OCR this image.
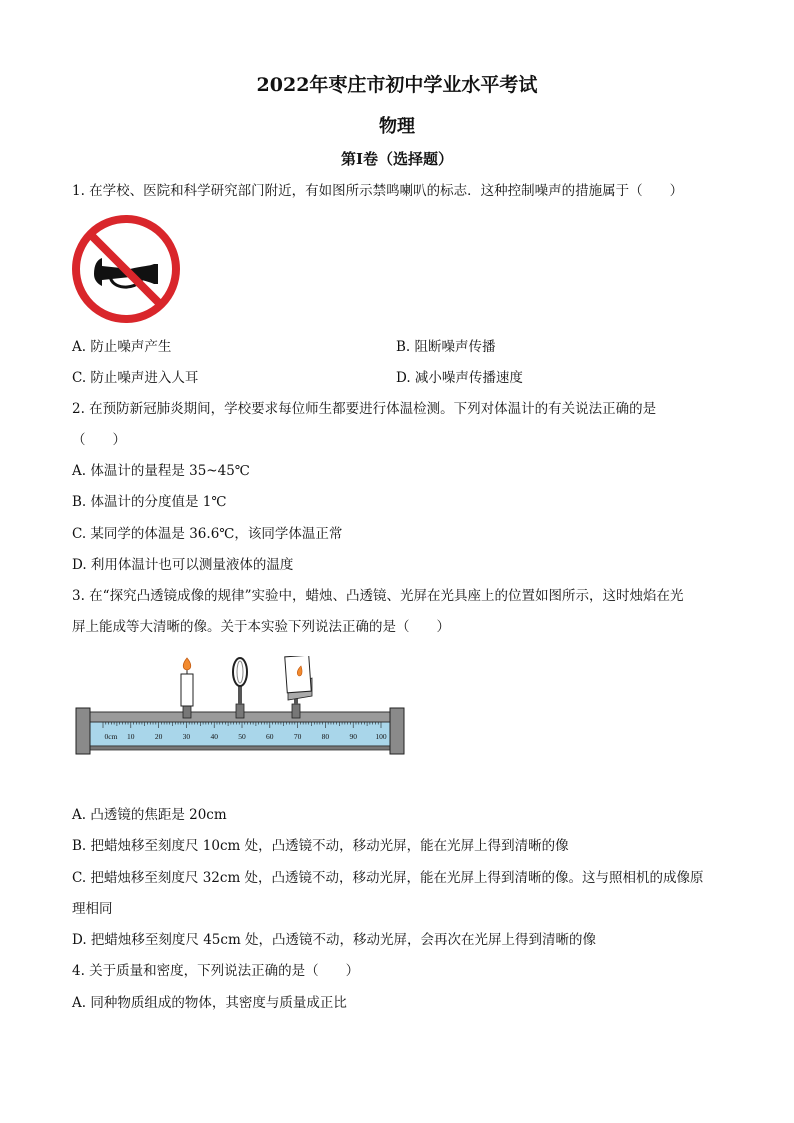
2022年枣庄市初中学业水平考试
物理
第Ⅰ卷（选择题）
1. 在学校、医院和科学研究部门附近，有如图所示禁鸣喇叭的标志．这种控制噪声的措施属于（　　）
A. 防止噪声产生	B. 阻断噪声传播
C. 防止噪声进入人耳	D. 减小噪声传播速度
2. 在预防新冠肺炎期间，学校要求每位师生都要进行体温检测。下列对体温计的有关说法正确的是
（　　）
A. 体温计的量程是 35~45℃
B. 体温计的分度值是 1℃
C. 某同学的体温是 36.6℃，该同学体温正常
D. 利用体温计也可以测量液体的温度
3. 在“探究凸透镜成像的规律”实验中，蜡烛、凸透镜、光屏在光具座上的位置如图所示，这时烛焰在光
屏上能成等大清晰的像。关于本实验下列说法正确的是（　　）
0cm 10	20	30	40	50	60	70	80	90 100
A. 凸透镜的焦距是 20cm
B. 把蜡烛移至刻度尺 10cm 处，凸透镜不动，移动光屏，能在光屏上得到清晰的像
C. 把蜡烛移至刻度尺 32cm 处，凸透镜不动，移动光屏，能在光屏上得到清晰的像。这与照相机的成像原
理相同
D. 把蜡烛移至刻度尺 45cm 处，凸透镜不动，移动光屏，会再次在光屏上得到清晰的像
4. 关于质量和密度，下列说法正确的是（　　）
A. 同种物质组成的物体，其密度与质量成正比
